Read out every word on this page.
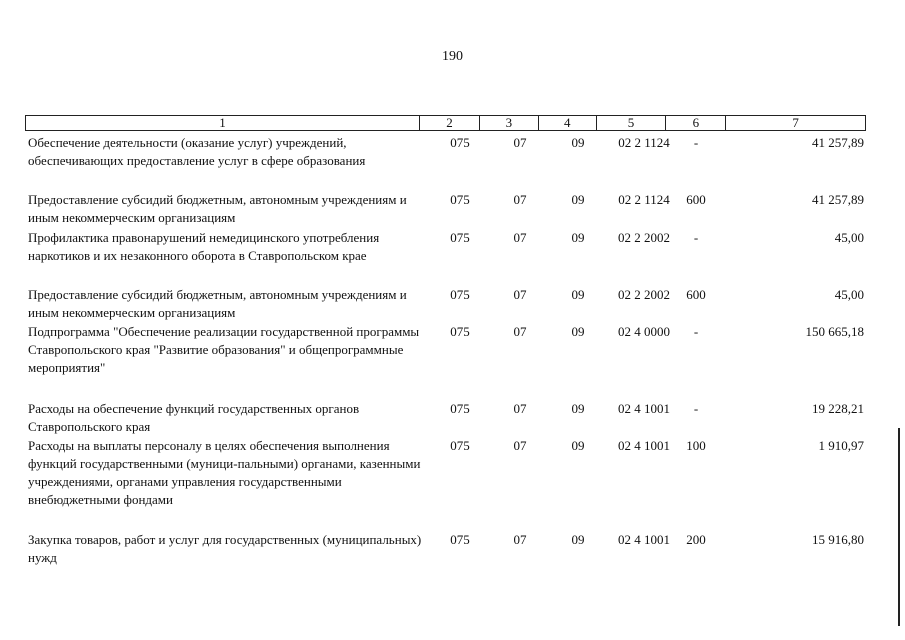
190
1	2	3	4	5	6	7
Обеспечение деятельности (оказание услуг) учреждений, обеспечивающих предоставление услуг в сфере образования
075	07	09	02 2 1124	-	41 257,89
Предоставление субсидий бюджетным, автономным учреждениям и иным некоммерческим организациям
075	07	09	02 2 1124	600	41 257,89
Профилактика правонарушений немедицинского употребления наркотиков и их незаконного оборота в Ставропольском крае
075	07	09	02 2 2002	-	45,00
Предоставление субсидий бюджетным, автономным учреждениям и иным некоммерческим организациям
075	07	09	02 2 2002	600	45,00
Подпрограмма "Обеспечение реализации государственной программы Ставропольского края "Развитие образования" и общепрограммные мероприятия"
075	07	09	02 4 0000	-	150 665,18
Расходы на обеспечение функций государственных органов Ставропольского края
075	07	09	02 4 1001	-	19 228,21
Расходы на выплаты персоналу в целях обеспечения выполнения функций государственными (муници-пальными) органами, казенными учреждениями, органами управления государственными внебюджетными фондами
075	07	09	02 4 1001	100	1 910,97
Закупка товаров, работ и услуг для государственных (муниципальных) нужд
075	07	09	02 4 1001	200	15 916,80
